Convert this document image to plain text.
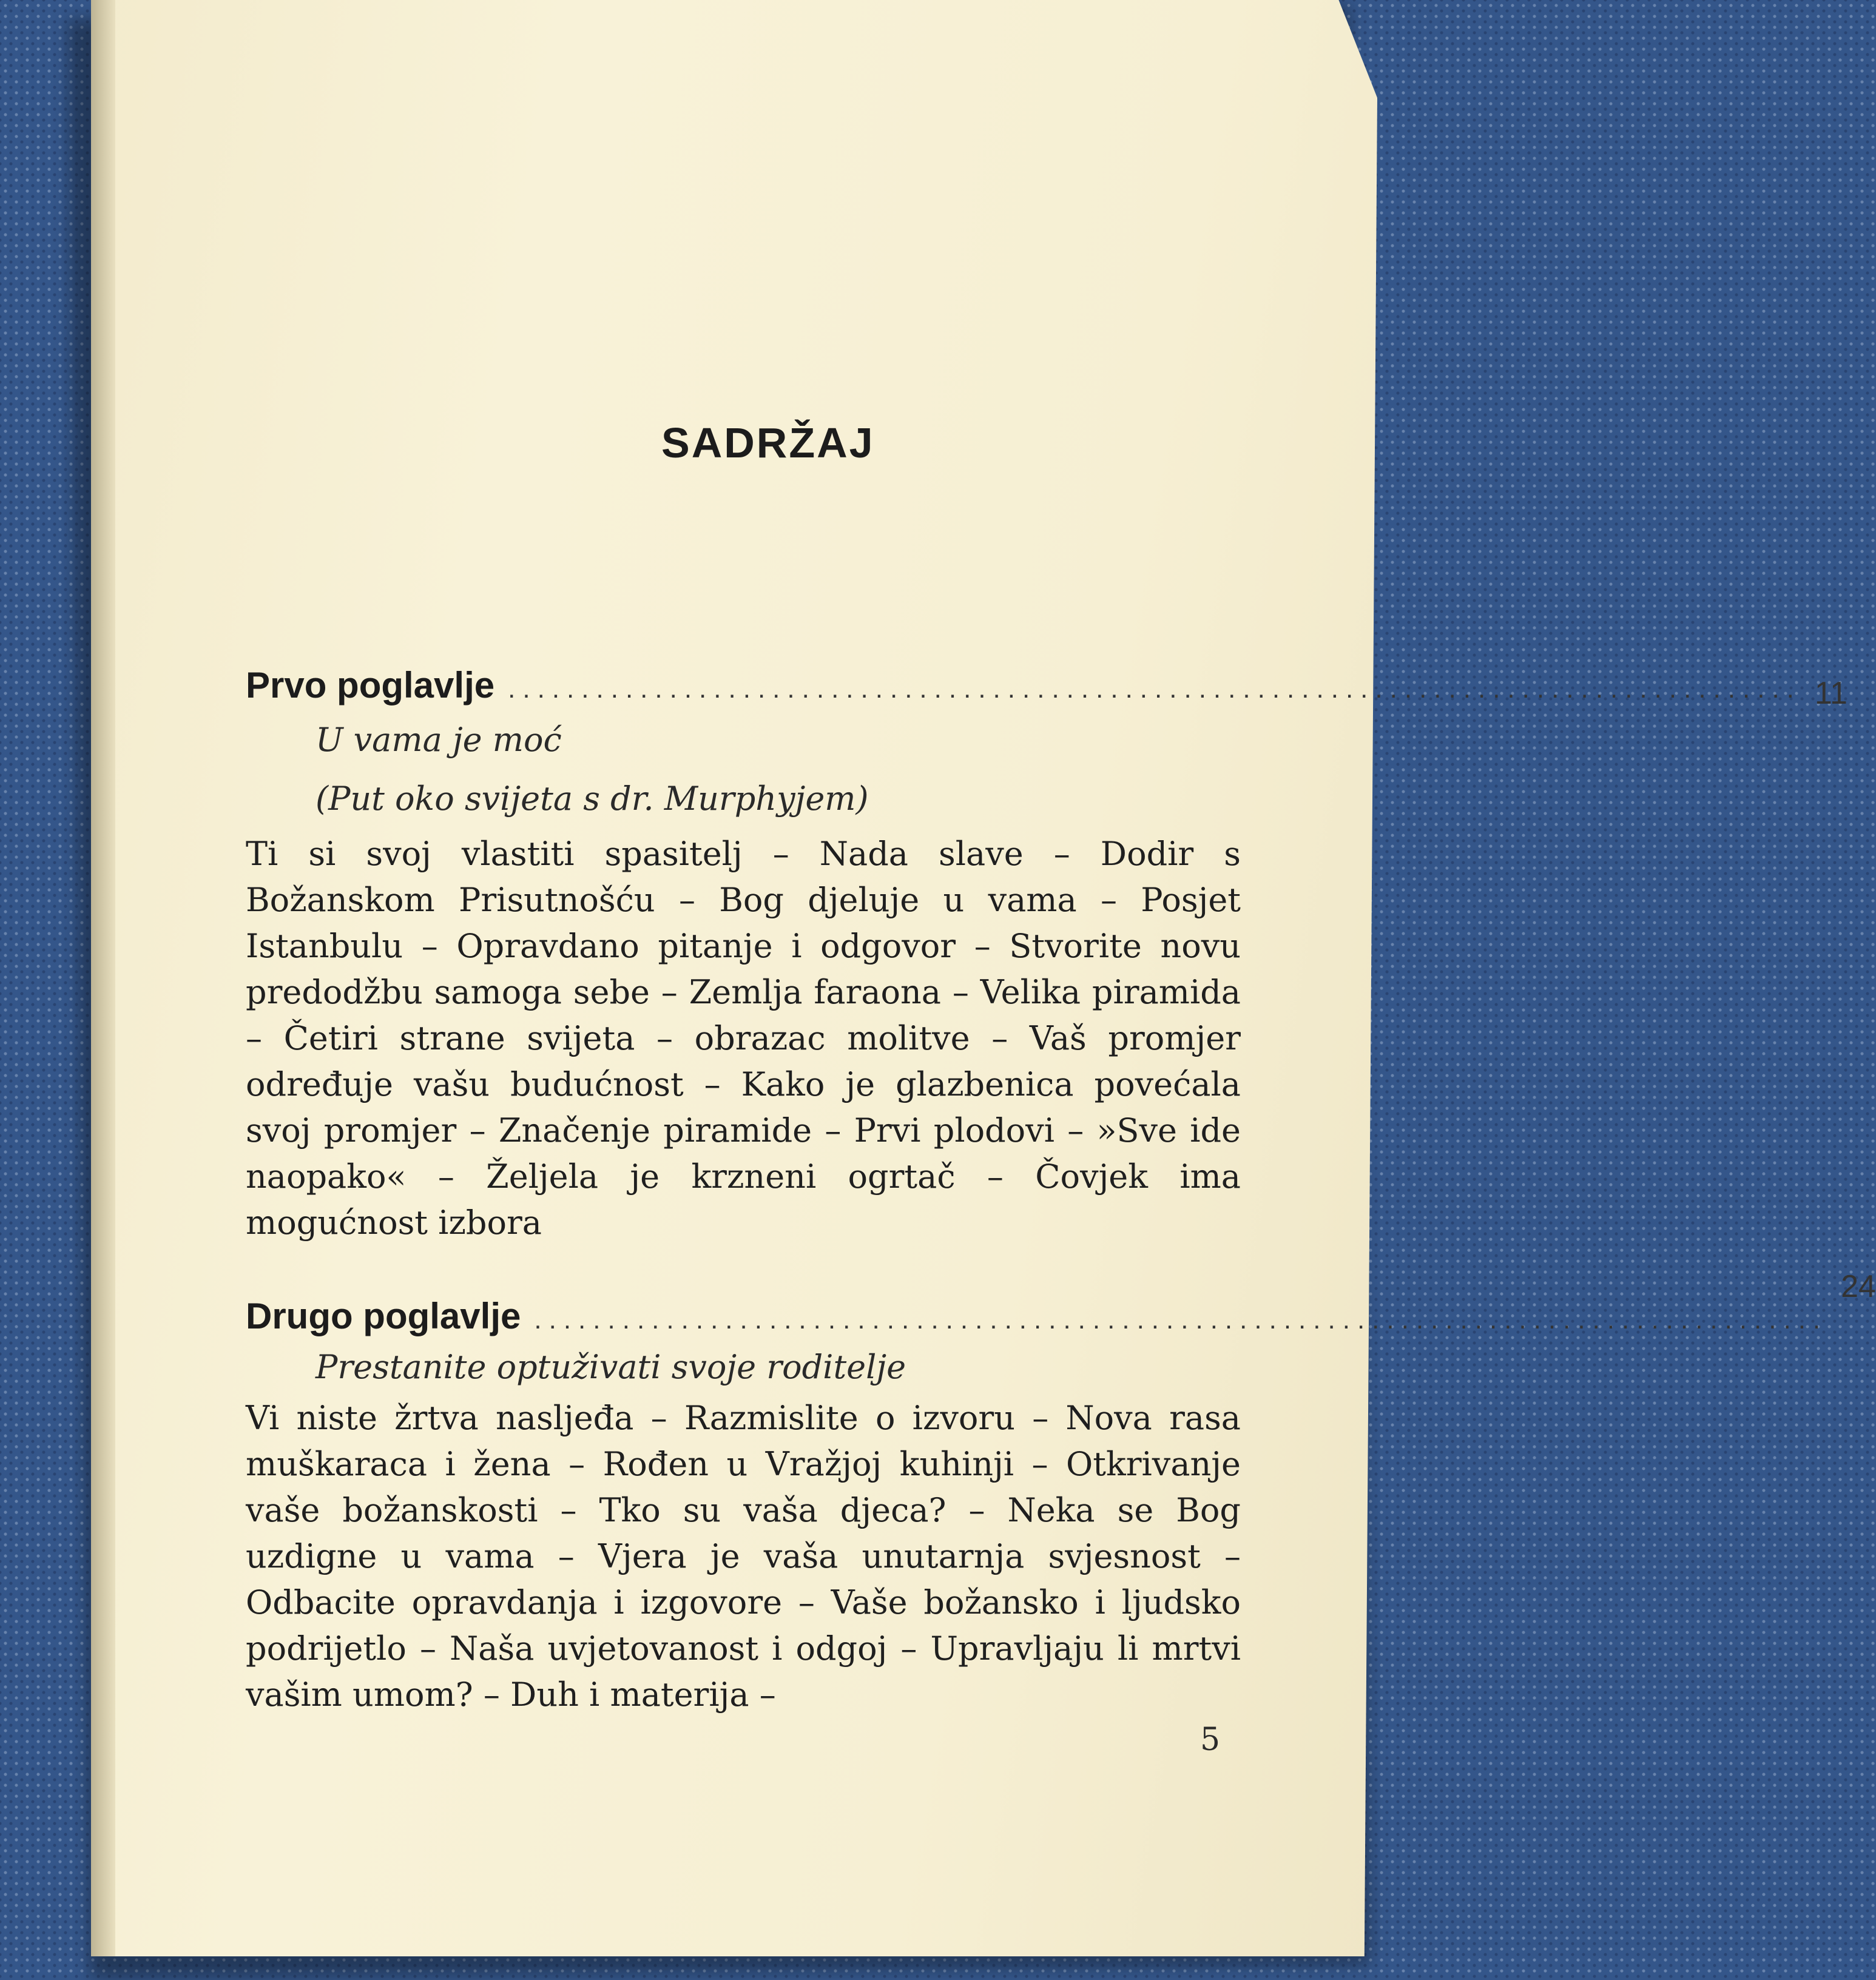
SADRŽAJ
Prvo poglavlje ........................................................................................ 11
U vama je moć
(Put oko svijeta s dr. Murphyjem)

Ti si svoj vlastiti spasitelj – Nada slave – Dodir s Božanskom Prisutnošću – Bog djeluje u vama – Posjet Istanbulu – Opravdano pitanje i odgovor – Stvorite novu predodžbu samoga sebe – Zemlja faraona – Velika piramida – Četiri strane svijeta – obrazac molitve – Vaš promjer određuje vašu budućnost – Kako je glazbenica povećala svoj promjer – Značenje piramide – Prvi plodovi – »Sve ide naopako« – Željela je krzneni ogrtač – Čovjek ima mogućnost izbora

Drugo poglavlje ........................................................................................
24
Prestanite optuživati svoje roditelje

Vi niste žrtva nasljeđa – Razmislite o izvoru – Nova rasa muškaraca i žena – Rođen u Vražjoj kuhinji – Otkrivanje vaše božanskosti – Tko su vaša djeca? – Neka se Bog uzdigne u vama – Vjera je vaša unutarnja svjesnost – Odbacite opravdanja i izgovore – Vaše božansko i ljudsko podrijetlo – Naša uvjetovanost i odgoj – Upravljaju li mrtvi vašim umom? – Duh i materija –

5
